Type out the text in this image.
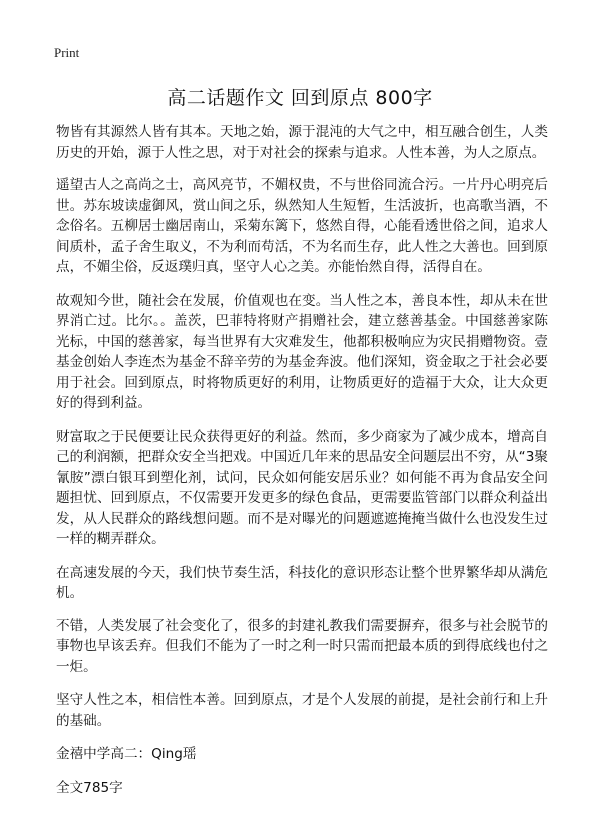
Print
高二话题作文 回到原点 800字

物皆有其源然人皆有其本。天地之始，源于混沌的大气之中，相互融合创生，人类历史的开始，源于人性之思，对于对社会的探索与追求。人性本善，为人之原点。

遥望古人之高尚之士，高风亮节，不媚权贵，不与世俗同流合污。一片丹心明亮后世。苏东坡读虚御风，赏山间之乐，纵然知人生短暂，生活波折，也高歌当酒，不念俗名。五柳居士幽居南山，采菊东篱下，悠然自得，心能看透世俗之间，追求人间质朴，孟子舍生取义，不为利而苟活，不为名而生存，此人性之大善也。回到原点，不媚尘俗，反返璞归真，坚守人心之美。亦能怡然自得，活得自在。

故观知今世，随社会在发展，价值观也在变。当人性之本，善良本性，却从未在世界消亡过。比尔。。盖茨，巴菲特将财产捐赠社会，建立慈善基金。中国慈善家陈光标，中国的慈善家，每当世界有大灾难发生，他都积极响应为灾民捐赠物资。壹基金创始人李连杰为基金不辞辛劳的为基金奔波。他们深知，资金取之于社会必要用于社会。回到原点，时将物质更好的利用，让物质更好的造福于大众，让大众更好的得到利益。

财富取之于民便要让民众获得更好的利益。然而，多少商家为了减少成本，增高自己的利润额，把群众安全当把戏。中国近几年来的思品安全问题层出不穷，从“3聚氰胺”漂白银耳到塑化剂，试问，民众如何能安居乐业？如何能不再为食品安全问题担忧、回到原点，不仅需要开发更多的绿色食品，更需要监管部门以群众利益出发，从人民群众的路线想问题。而不是对曝光的问题遮遮掩掩当做什么也没发生过一样的糊弄群众。

在高速发展的今天，我们快节奏生活，科技化的意识形态让整个世界繁华却从满危机。

不错，人类发展了社会变化了，很多的封建礼教我们需要摒弃，很多与社会脱节的事物也早该丢弃。但我们不能为了一时之利一时只需而把最本质的到得底线也付之一炬。

坚守人性之本，相信性本善。回到原点，才是个人发展的前提，是社会前行和上升的基础。

金禧中学高二：Qing瑶

全文785字
